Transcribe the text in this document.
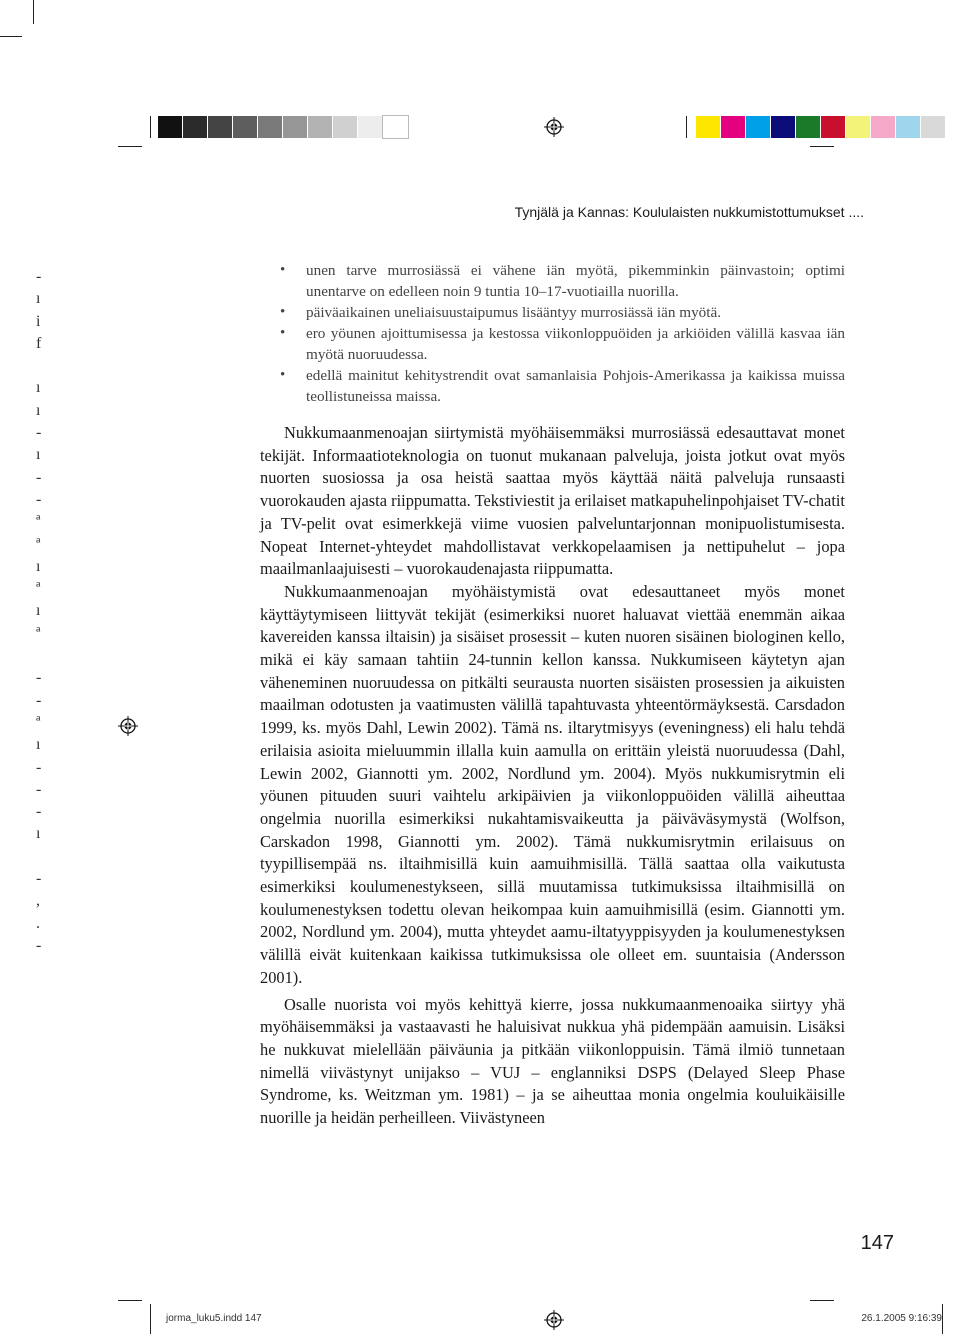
Tynjälä ja Kannas: Koululaisten nukkumistottumukset ....
-
ı
i
f

ı
ı
-
ı
-
-
ª
ª
ı
ª
ı
ª

-
-
ª
ı
-
-
-
ı

-
,
.
-
• unen tarve murrosiässä ei vähene iän myötä, pikemminkin päinvastoin; optimi unentarve on edelleen noin 9 tuntia 10–17-vuotiailla nuorilla.
• päiväaikainen uneliaisuustaipumus lisääntyy murrosiässä iän myötä.
• ero yöunen ajoittumisessa ja kestossa viikonloppuöiden ja arkiöiden välillä kasvaa iän myötä nuoruudessa.
• edellä mainitut kehitystrendit ovat samanlaisia Pohjois-Amerikassa ja kaikissa muissa teollistuneissa maissa.

Nukkumaanmenoajan siirtymistä myöhäisemmäksi murrosiässä edesauttavat monet tekijät. Informaatioteknologia on tuonut mukanaan palveluja, joista jotkut ovat myös nuorten suosiossa ja osa heistä saattaa myös käyttää näitä palveluja runsaasti vuorokauden ajasta riippumatta. Tekstiviestit ja erilaiset matkapuhelinpohjaiset TV-chatit ja TV-pelit ovat esimerkkejä viime vuosien palveluntarjonnan monipuolistumisesta. Nopeat Internet-yhteydet mahdollistavat verkkopelaamisen ja nettipuhelut – jopa maailmanlaajuisesti – vuorokaudenajasta riippumatta.

Nukkumaanmenoajan myöhäistymistä ovat edesauttaneet myös monet käyttäytymiseen liittyvät tekijät (esimerkiksi nuoret haluavat viettää enemmän aikaa kavereiden kanssa iltaisin) ja sisäiset prosessit – kuten nuoren sisäinen biologinen kello, mikä ei käy samaan tahtiin 24-tunnin kellon kanssa. Nukkumiseen käytetyn ajan väheneminen nuoruudessa on pitkälti seurausta nuorten sisäisten prosessien ja aikuisten maailman odotusten ja vaatimusten välillä tapahtuvasta yhteentörmäyksestä. Carsdadon 1999, ks. myös Dahl, Lewin 2002). Tämä ns. iltarytmisyys (eveningness) eli halu tehdä erilaisia asioita mieluummin illalla kuin aamulla on erittäin yleistä nuoruudessa (Dahl, Lewin 2002, Giannotti ym. 2002, Nordlund ym. 2004). Myös nukkumisrytmin eli yöunen pituuden suuri vaihtelu arkipäivien ja viikonloppuöiden välillä aiheuttaa ongelmia nuorilla esimerkiksi nukahtamisvaikeutta ja päiväväsymystä (Wolfson, Carskadon 1998, Giannotti ym. 2002). Tämä nukkumisrytmin erilaisuus on tyypillisempää ns. iltaihmisillä kuin aamuihmisillä. Tällä saattaa olla vaikutusta esimerkiksi koulumenestykseen, sillä muutamissa tutkimuksissa iltaihmisillä on koulumenestyksen todettu olevan heikompaa kuin aamuihmisillä (esim. Giannotti ym. 2002, Nordlund ym. 2004), mutta yhteydet aamu-iltatyyppisyyden ja koulumenestyksen välillä eivät kuitenkaan kaikissa tutkimuksissa ole olleet em. suuntaisia (Andersson 2001).

Osalle nuorista voi myös kehittyä kierre, jossa nukkumaanmenoaika siirtyy yhä myöhäisemmäksi ja vastaavasti he haluisivat nukkua yhä pidempään aamuisin. Lisäksi he nukkuvat mielellään päiväunia ja pitkään viikonloppuisin. Tämä ilmiö tunnetaan nimellä viivästynyt unijakso – VUJ – englanniksi DSPS (Delayed Sleep Phase Syndrome, ks. Weitzman ym. 1981) – ja se aiheuttaa monia ongelmia kouluikäisille nuorille ja heidän perheilleen. Viivästyneen

147
jorma_luku5.indd 147	26.1.2005 9:16:39
